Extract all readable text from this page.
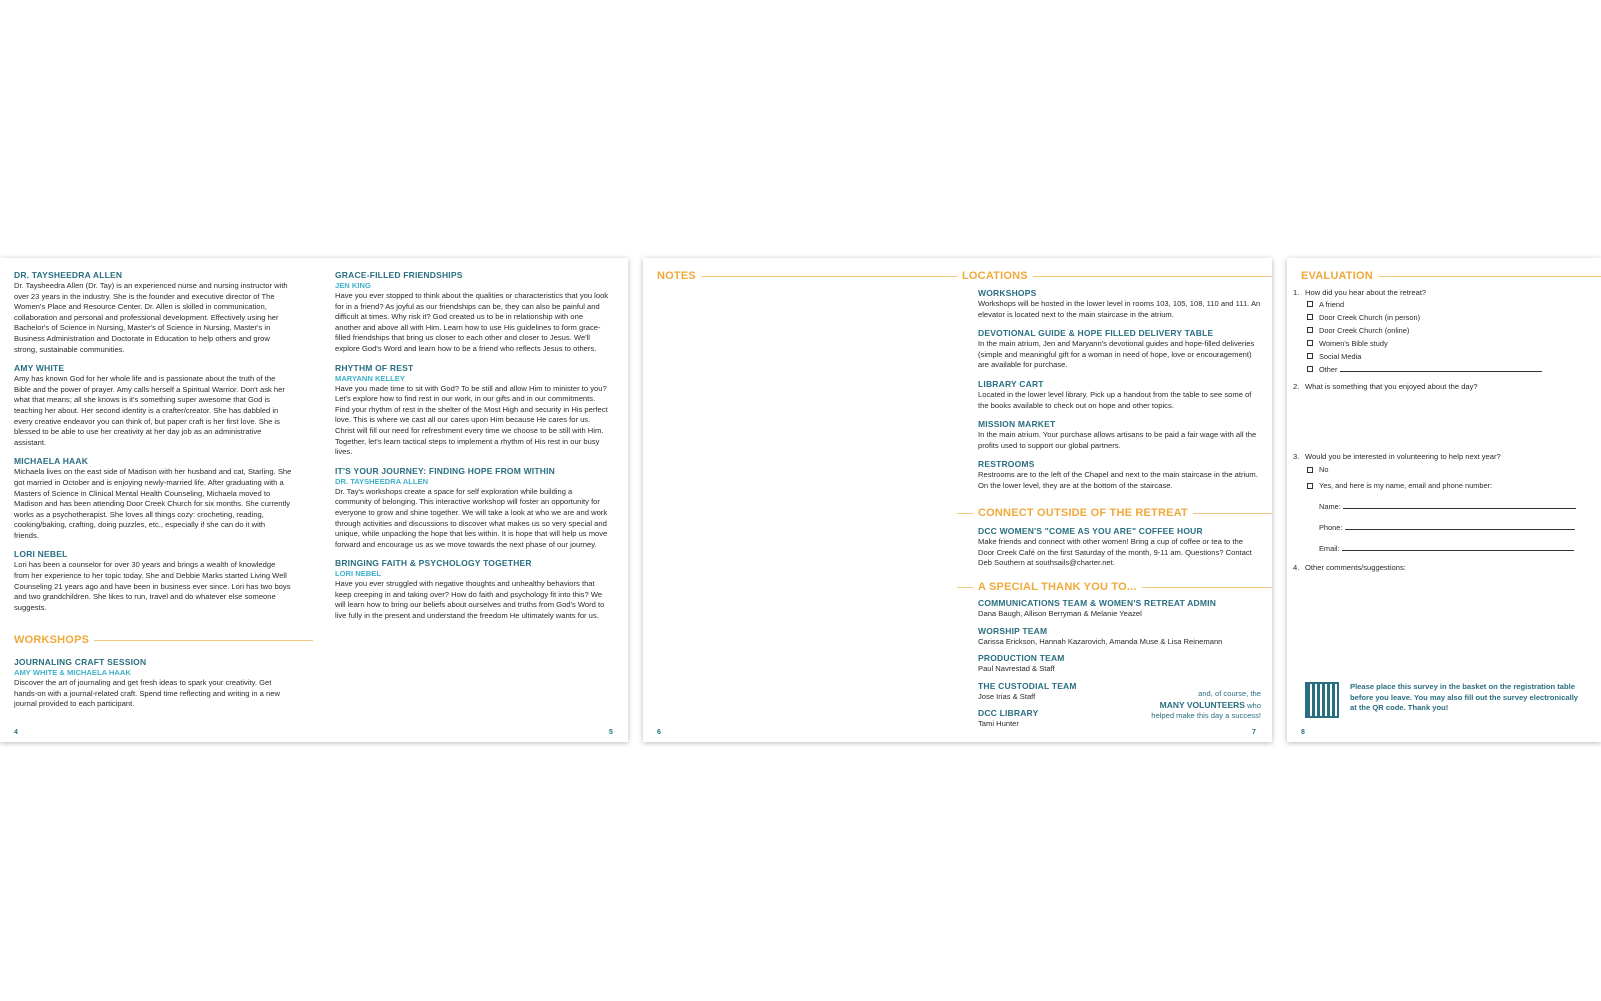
DR. TAYSHEEDRA ALLEN

Dr. Taysheedra Allen (Dr. Tay) is an experienced nurse and nursing instructor with over 23 years in the industry. She is the founder and executive director of The Women's Place and Resource Center. Dr. Allen is skilled in communication, collaboration and personal and professional development. Effectively using her Bachelor's of Science in Nursing, Master's of Science in Nursing, Master's in Business Administration and Doctorate in Education to help others and grow strong, sustainable communities.

AMY WHITE

Amy has known God for her whole life and is passionate about the truth of the Bible and the power of prayer. Amy calls herself a Spiritual Warrior. Don't ask her what that means; all she knows is it's something super awesome that God is teaching her about. Her second identity is a crafter/creator. She has dabbled in every creative endeavor you can think of, but paper craft is her first love. She is blessed to be able to use her creativity at her day job as an administrative assistant.

MICHAELA HAAK

Michaela lives on the east side of Madison with her husband and cat, Starling. She got married in October and is enjoying newly-married life. After graduating with a Masters of Science in Clinical Mental Health Counseling, Michaela moved to Madison and has been attending Door Creek Church for six months. She currently works as a psychotherapist. She loves all things cozy: crocheting, reading, cooking/baking, crafting, doing puzzles, etc., especially if she can do it with friends.

LORI NEBEL

Lori has been a counselor for over 30 years and brings a wealth of knowledge from her experience to her topic today. She and Debbie Marks started Living Well Counseling 21 years ago and have been in business ever since. Lori has two boys and two grandchildren. She likes to run, travel and do whatever else someone suggests.

WORKSHOPS

JOURNALING CRAFT SESSION

AMY WHITE & MICHAELA HAAK

Discover the art of journaling and get fresh ideas to spark your creativity. Get hands-on with a journal-related craft. Spend time reflecting and writing in a new journal provided to each participant.

4

GRACE-FILLED FRIENDSHIPS

JEN KING

Have you ever stopped to think about the qualities or characteristics that you look for in a friend? As joyful as our friendships can be, they can also be painful and difficult at times. Why risk it? God created us to be in relationship with one another and above all with Him. Learn how to use His guidelines to form grace-filled friendships that bring us closer to each other and closer to Jesus. We'll explore God's Word and learn how to be a friend who reflects Jesus to others.

RHYTHM OF REST

MARYANN KELLEY

Have you made time to sit with God? To be still and allow Him to minister to you? Let's explore how to find rest in our work, in our gifts and in our commitments. Find your rhythm of rest in the shelter of the Most High and security in His perfect love. This is where we cast all our cares upon Him because He cares for us. Christ will fill our need for refreshment every time we choose to be still with Him. Together, let's learn tactical steps to implement a rhythm of His rest in our busy lives.

IT'S YOUR JOURNEY: FINDING HOPE FROM WITHIN

DR. TAYSHEEDRA ALLEN

Dr. Tay's workshops create a space for self exploration while building a community of belonging. This interactive workshop will foster an opportunity for everyone to grow and shine together. We will take a look at who we are and work through activities and discussions to discover what makes us so very special and unique, while unpacking the hope that lies within. It is hope that will help us move forward and encourage us as we move towards the next phase of our journey.

BRINGING FAITH & PSYCHOLOGY TOGETHER

LORI NEBEL

Have you ever struggled with negative thoughts and unhealthy behaviors that keep creeping in and taking over? How do faith and psychology fit into this? We will learn how to bring our beliefs about ourselves and truths from God's Word to live fully in the present and understand the freedom He ultimately wants for us.

5
NOTES
6
LOCATIONS

WORKSHOPS

Workshops will be hosted in the lower level in rooms 103, 105, 108, 110 and 111. An elevator is located next to the main staircase in the atrium.

DEVOTIONAL GUIDE & HOPE FILLED DELIVERY TABLE

In the main atrium, Jen and Maryann's devotional guides and hope-filled deliveries (simple and meaningful gift for a woman in need of hope, love or encouragement) are available for purchase.

LIBRARY CART

Located in the lower level library. Pick up a handout from the table to see some of the books available to check out on hope and other topics.

MISSION MARKET

In the main atrium. Your purchase allows artisans to be paid a fair wage with all the profits used to support our global partners.

RESTROOMS

Restrooms are to the left of the Chapel and next to the main staircase in the atrium. On the lower level, they are at the bottom of the staircase.

CONNECT OUTSIDE OF THE RETREAT

DCC WOMEN'S "COME AS YOU ARE" COFFEE HOUR

Make friends and connect with other women! Bring a cup of coffee or tea to the Door Creek Café on the first Saturday of the month, 9-11 am. Questions? Contact Deb Southern at southsails@charter.net.

A SPECIAL THANK YOU TO...

COMMUNICATIONS TEAM & WOMEN'S RETREAT ADMIN

Dana Baugh, Allison Berryman & Melanie Yeazel

WORSHIP TEAM

Carissa Erickson, Hannah Kazarovich, Amanda Muse & Lisa Reinemann

PRODUCTION TEAM

Paul Navrestad & Staff

THE CUSTODIAL TEAM

Jose Irias & Staff

DCC LIBRARY

Tami Hunter

and, of course, the
MANY VOLUNTEERS who
helped make this day a success!
7
EVALUATION

1. How did you hear about the retreat?

A friend

Door Creek Church (in person)

Door Creek Church (online)

Women's Bible study

Social Media

Other

2. What is something that you enjoyed about the day?

3. Would you be interested in volunteering to help next year?

No

Yes, and here is my name, email and phone number:

Name:

Phone:

Email:

4. Other comments/suggestions:

Please place this survey in the basket on the registration table before you leave. You may also fill out the survey electronically at the QR code. Thank you!
8
